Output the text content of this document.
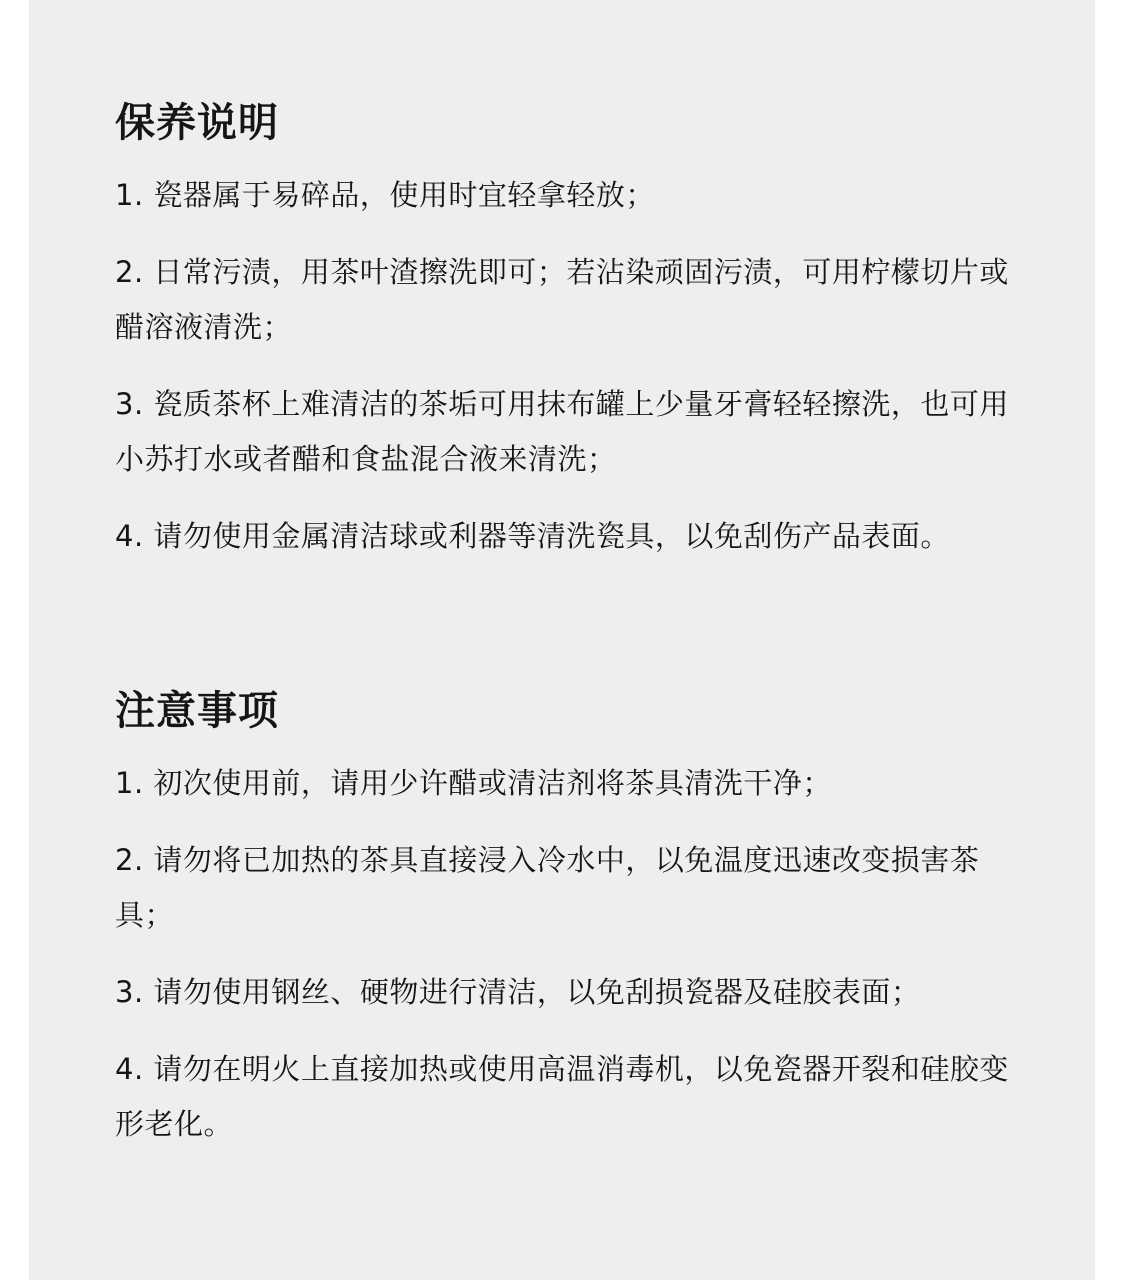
保养说明
1. 瓷器属于易碎品，使用时宜轻拿轻放；
2. 日常污渍，用茶叶渣擦洗即可；若沾染顽固污渍，可用柠檬切片或醋溶液清洗；
3. 瓷质茶杯上难清洁的茶垢可用抹布罐上少量牙膏轻轻擦洗，也可用小苏打水或者醋和食盐混合液来清洗；
4. 请勿使用金属清洁球或利器等清洗瓷具，以免刮伤产品表面。
注意事项
1. 初次使用前，请用少许醋或清洁剂将茶具清洗干净；
2. 请勿将已加热的茶具直接浸入冷水中，以免温度迅速改变损害茶具；
3. 请勿使用钢丝、硬物进行清洁，以免刮损瓷器及硅胶表面；
4. 请勿在明火上直接加热或使用高温消毒机，以免瓷器开裂和硅胶变形老化。
